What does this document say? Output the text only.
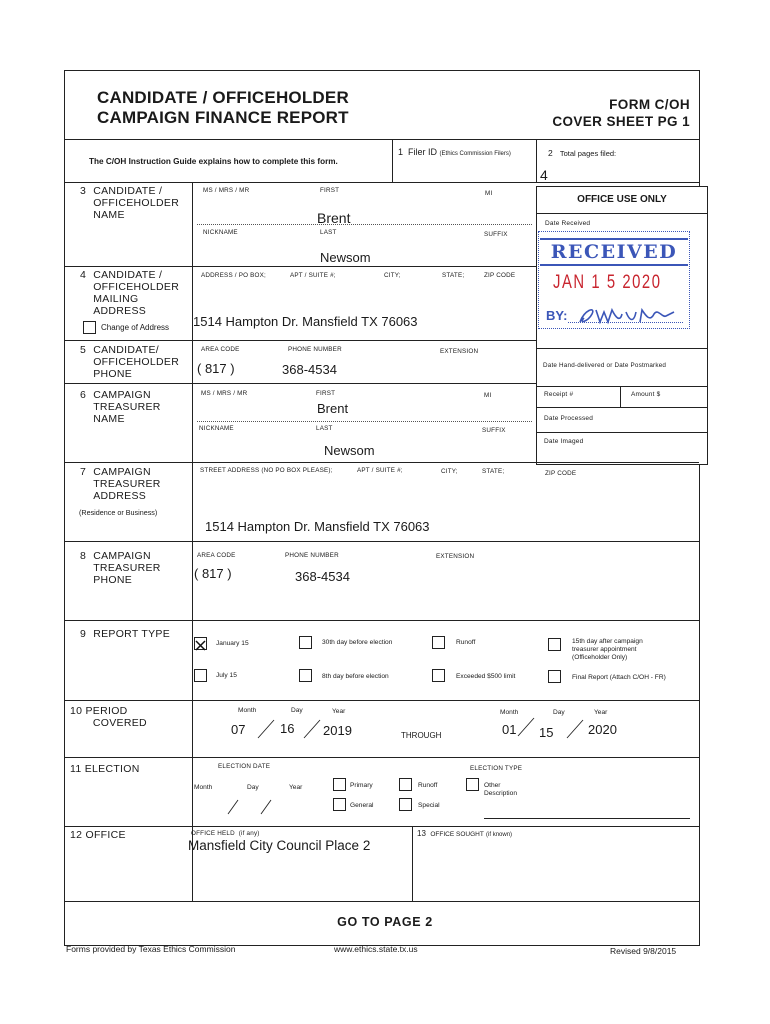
CANDIDATE / OFFICEHOLDER
CAMPAIGN FINANCE REPORT
FORM C/OH
COVER SHEET PG 1
The C/OH Instruction Guide explains how to complete this form.
1 Filer ID (Ethics Commission Filers)	2 Total pages filed:
4
OFFICE USE ONLY
Date Received
RECEIVED
JAN 1 5 2020
BY:
Date Hand-delivered or Date Postmarked
Receipt #	Amount $
Date Processed
Date Imaged
3 CANDIDATE /
OFFICEHOLDER
NAME
MS / MRS / MR	FIRST	MI
Brent
NICKNAME	LAST	SUFFIX
Newsom
4 CANDIDATE /
OFFICEHOLDER
MAILING
ADDRESS
Change of Address
ADDRESS / PO BOX;	APT / SUITE #;	CITY;	STATE;	ZIP CODE
1514 Hampton Dr. Mansfield TX 76063
5 CANDIDATE/
OFFICEHOLDER
PHONE
AREA CODE	PHONE NUMBER	EXTENSION
( 817 )	368-4534
6 CAMPAIGN
TREASURER
NAME
MS / MRS / MR	FIRST	MI
Brent
NICKNAME	LAST	SUFFIX
Newsom
7 CAMPAIGN
TREASURER
ADDRESS
(Residence or Business)
STREET ADDRESS (NO PO BOX PLEASE);	APT / SUITE #;	CITY;	STATE;	ZIP CODE
1514 Hampton Dr. Mansfield TX 76063
8 CAMPAIGN
TREASURER
PHONE
AREA CODE	PHONE NUMBER	EXTENSION
( 817 )	368-4534
9 REPORT TYPE
January 15	30th day before election	Runoff	15th day after campaign
treasurer appointment
(Officeholder Only)
July 15	8th day before election	Exceeded $500 limit	Final Report (Attach C/OH - FR)
10 PERIOD
COVERED
Month	Day	Year	Month	Day	Year
07	16 2019	THROUGH	01 15	2020
11 ELECTION	ELECTION DATE	ELECTION TYPE
Month	Day	Year	Primary
General
Runoff
Special
Other
Description
12 OFFICE	OFFICE HELD (if any)
Mansfield City Council Place 2
13 OFFICE SOUGHT (if known)
GO TO PAGE 2
Forms provided by Texas Ethics Commission	www.ethics.state.tx.us	Revised 9/8/2015
